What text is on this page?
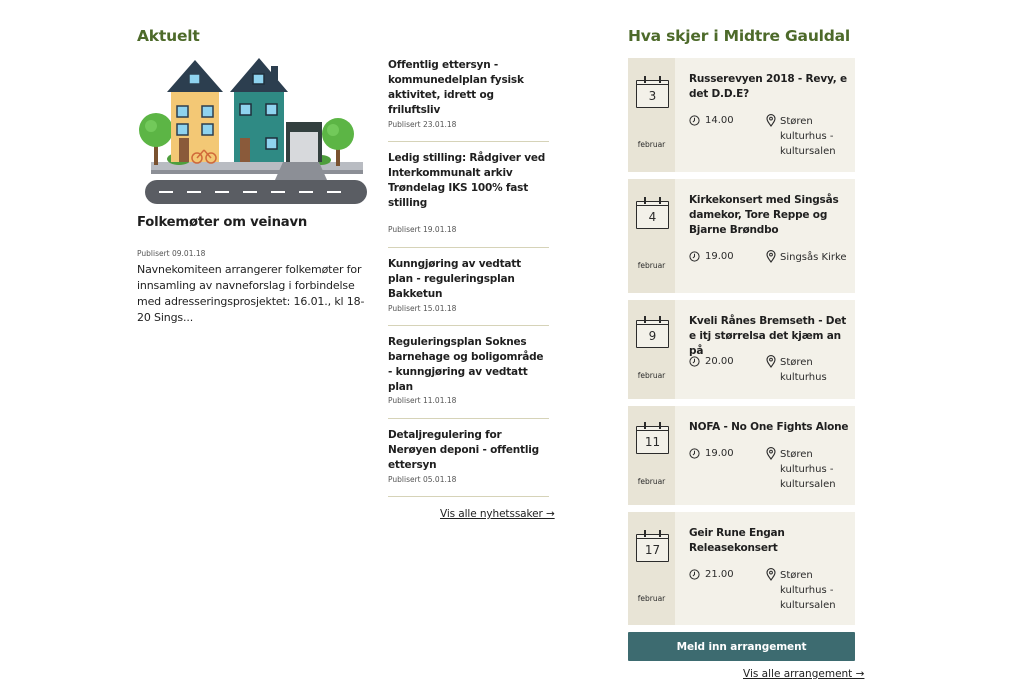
Aktuelt
Folkemøter om veinavn
Publisert 09.01.18
Navnekomiteen arrangerer folkemøter for innsamling av navneforslag i forbindelse med adresseringsprosjektet: 16.01., kl 18-20 Sings...
Offentlig ettersyn - kommunedelplan fysisk aktivitet, idrett og friluftsliv
Publisert 23.01.18
Ledig stilling: Rådgiver ved Interkommunalt arkiv Trøndelag IKS 100% fast stilling
Publisert 19.01.18
Kunngjøring av vedtatt plan - reguleringsplan Bakketun
Publisert 15.01.18
Reguleringsplan Soknes barnehage og boligområde - kunngjøring av vedtatt plan
Publisert 11.01.18
Detaljregulering for Nerøyen deponi - offentlig ettersyn
Publisert 05.01.18
Vis alle nyhetssaker →
Hva skjer i Midtre Gauldal
3
februar
Russerevyen 2018 - Revy, e det D.D.E?
14.00	Støren kulturhus - kultursalen
4
februar
Kirkekonsert med Singsås damekor, Tore Reppe og Bjarne Brøndbo
19.00	Singsås Kirke
9
februar
Kveli Rånes Bremseth - Det e itj størrelsa det kjæm an på
20.00	Støren kulturhus
11
februar
NOFA - No One Fights Alone
19.00	Støren kulturhus - kultursalen
17
februar
Geir Rune Engan Releasekonsert
21.00	Støren kulturhus - kultursalen
Meld inn arrangement
Vis alle arrangement →
